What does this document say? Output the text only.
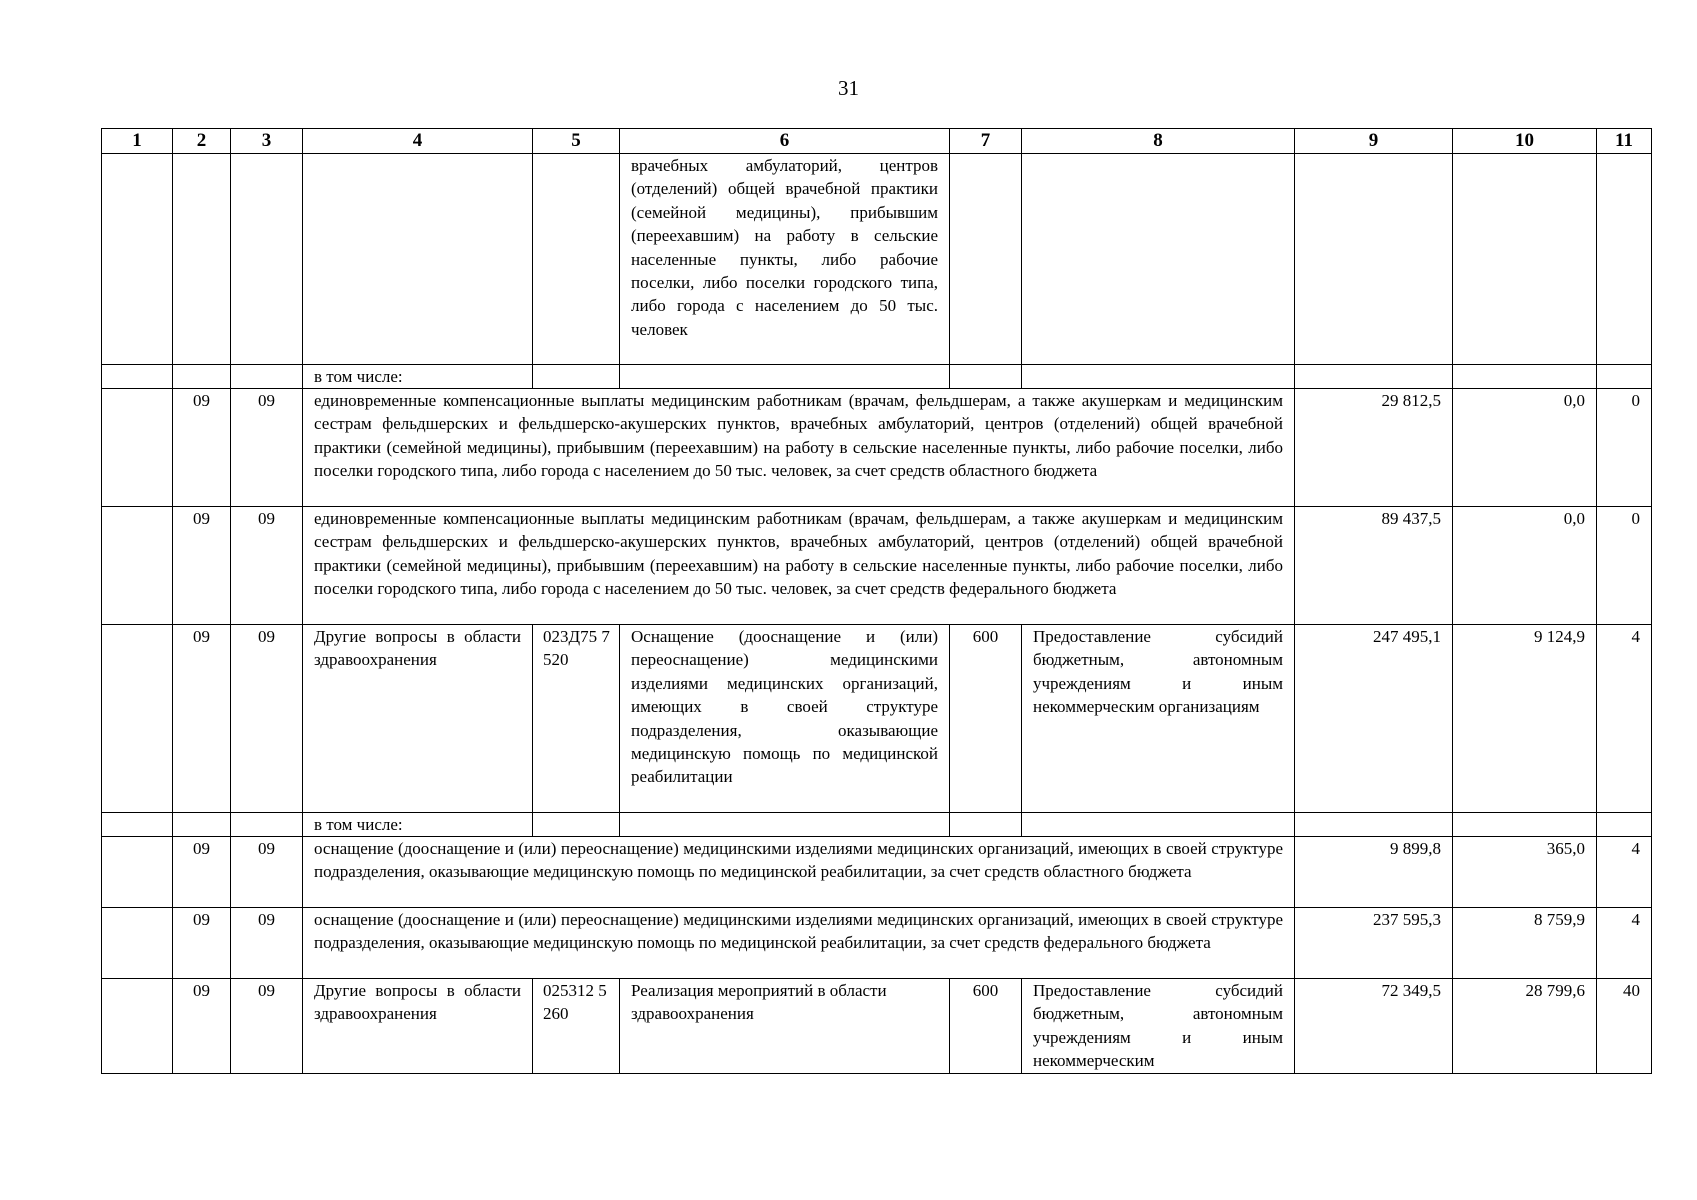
31
1	2	3	4	5	6	7	8	9	10	11
					врачебных амбулаторий, центров (отделений) общей врачебной практики (семейной медицины), прибывшим (переехавшим) на работу в сельские населенные пункты, либо рабочие поселки, либо поселки городского типа, либо города с населением до 50 тыс. человек					
			в том числе:							
	09	09	единовременные компенсационные выплаты медицинским работникам (врачам, фельдшерам, а также акушеркам и медицинским сестрам фельдшерских и фельдшерско-акушерских пунктов, врачебных амбулаторий, центров (отделений) общей врачебной практики (семейной медицины), прибывшим (переехавшим) на работу в сельские населенные пункты, либо рабочие поселки, либо поселки городского типа, либо города с населением до 50 тыс. человек, за счет средств областного бюджета					29 812,5	0,0	0
	09	09	единовременные компенсационные выплаты медицинским работникам (врачам, фельдшерам, а также акушеркам и медицинским сестрам фельдшерских и фельдшерско-акушерских пунктов, врачебных амбулаторий, центров (отделений) общей врачебной практики (семейной медицины), прибывшим (переехавшим) на работу в сельские населенные пункты, либо рабочие поселки, либо поселки городского типа, либо города с населением до 50 тыс. человек, за счет средств федерального бюджета					89 437,5	0,0	0
	09	09	Другие вопросы в области здравоохранения	023Д75 7520	Оснащение (дооснащение и (или) переоснащение) медицинскими изделиями медицинских организаций, имеющих в своей структуре подразделения, оказывающие медицинскую помощь по медицинской реабилитации	600	Предоставление субсидий бюджетным, автономным учреждениям и иным некоммерческим организациям	247 495,1	9 124,9	4
			в том числе:							
	09	09	оснащение (дооснащение и (или) переоснащение) медицинскими изделиями медицинских организаций, имеющих в своей структуре подразделения, оказывающие медицинскую помощь по медицинской реабилитации, за счет средств областного бюджета					9 899,8	365,0	4
	09	09	оснащение (дооснащение и (или) переоснащение) медицинскими изделиями медицинских организаций, имеющих в своей структуре подразделения, оказывающие медицинскую помощь по медицинской реабилитации, за счет средств федерального бюджета					237 595,3	8 759,9	4
	09	09	Другие вопросы в области здравоохранения	025312 5260	Реализация мероприятий в области здравоохранения	600	Предоставление субсидий бюджетным, автономным учреждениям и иным некоммерческим	72 349,5	28 799,6	40
